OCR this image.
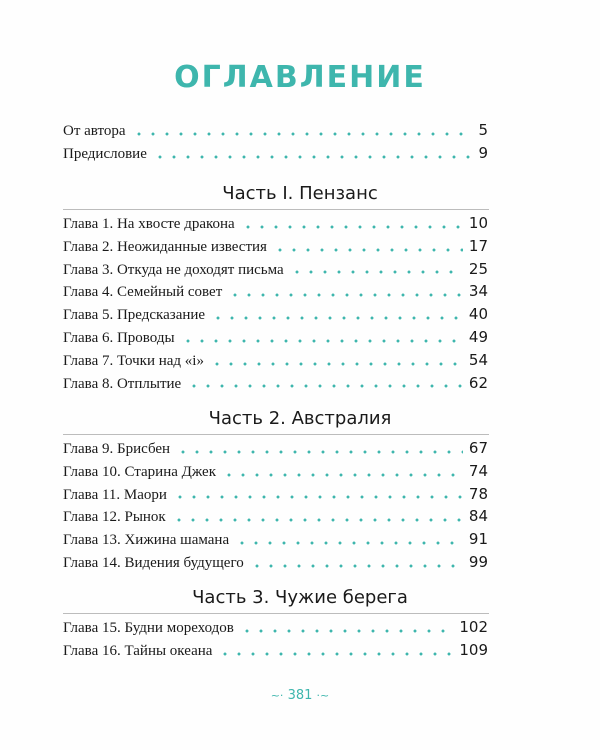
ОГЛАВЛЕНИЕ
От автора	5
Предисловие	9
Часть I. Пензанс
Глава 1. На хвосте дракона	10
Глава 2. Неожиданные известия	17
Глава 3. Откуда не доходят письма	25
Глава 4. Семейный совет	34
Глава 5. Предсказание	40
Глава 6. Проводы	49
Глава 7. Точки над «i»	54
Глава 8. Отплытие	62
Часть 2. Австралия
Глава 9. Брисбен	67
Глава 10. Старина Джек	74
Глава 11. Маори	78
Глава 12. Рынок	84
Глава 13. Хижина шамана	91
Глава 14. Видения будущего	99
Часть 3. Чужие берега
Глава 15. Будни мореходов	102
Глава 16. Тайны океана	109
~· 381 ·~
